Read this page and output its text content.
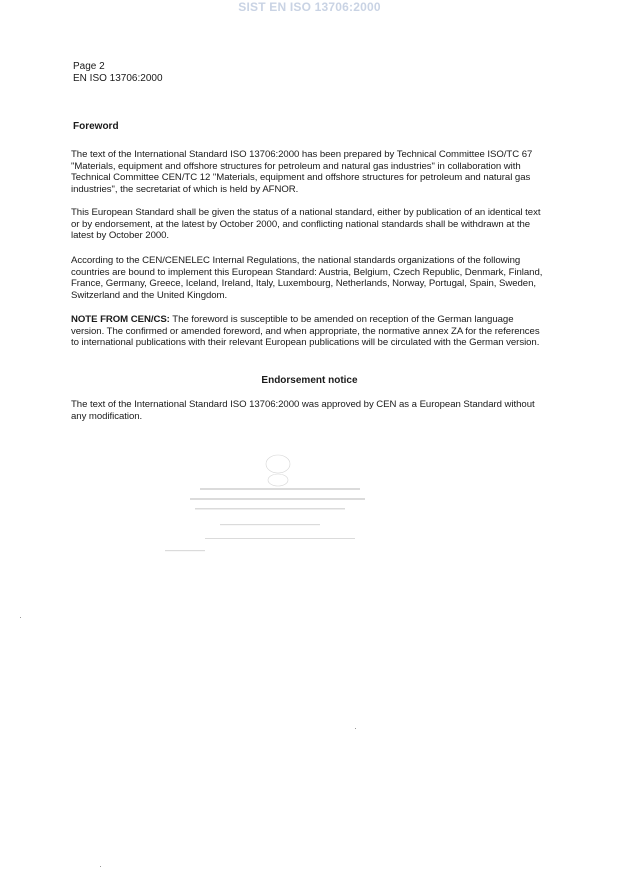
SIST EN ISO 13706:2000
Page 2
EN ISO 13706:2000
Foreword
The text of the International Standard ISO 13706:2000 has been prepared by Technical Committee ISO/TC 67 "Materials, equipment and offshore structures for petroleum and natural gas industries" in collaboration with Technical Committee CEN/TC 12 "Materials, equipment and offshore structures for petroleum and natural gas industries", the secretariat of which is held by AFNOR.
This European Standard shall be given the status of a national standard, either by publication of an identical text or by endorsement, at the latest by October 2000, and conflicting national standards shall be withdrawn at the latest by October 2000.
According to the CEN/CENELEC Internal Regulations, the national standards organizations of the following countries are bound to implement this European Standard: Austria, Belgium, Czech Republic, Denmark, Finland, France, Germany, Greece, Iceland, Ireland, Italy, Luxembourg, Netherlands, Norway, Portugal, Spain, Sweden, Switzerland and the United Kingdom.
NOTE FROM CEN/CS: The foreword is susceptible to be amended on reception of the German language version. The confirmed or amended foreword, and when appropriate, the normative annex ZA for the references to international publications with their relevant European publications will be circulated with the German version.
Endorsement notice
The text of the International Standard ISO 13706:2000 was approved by CEN as a European Standard without any modification.
